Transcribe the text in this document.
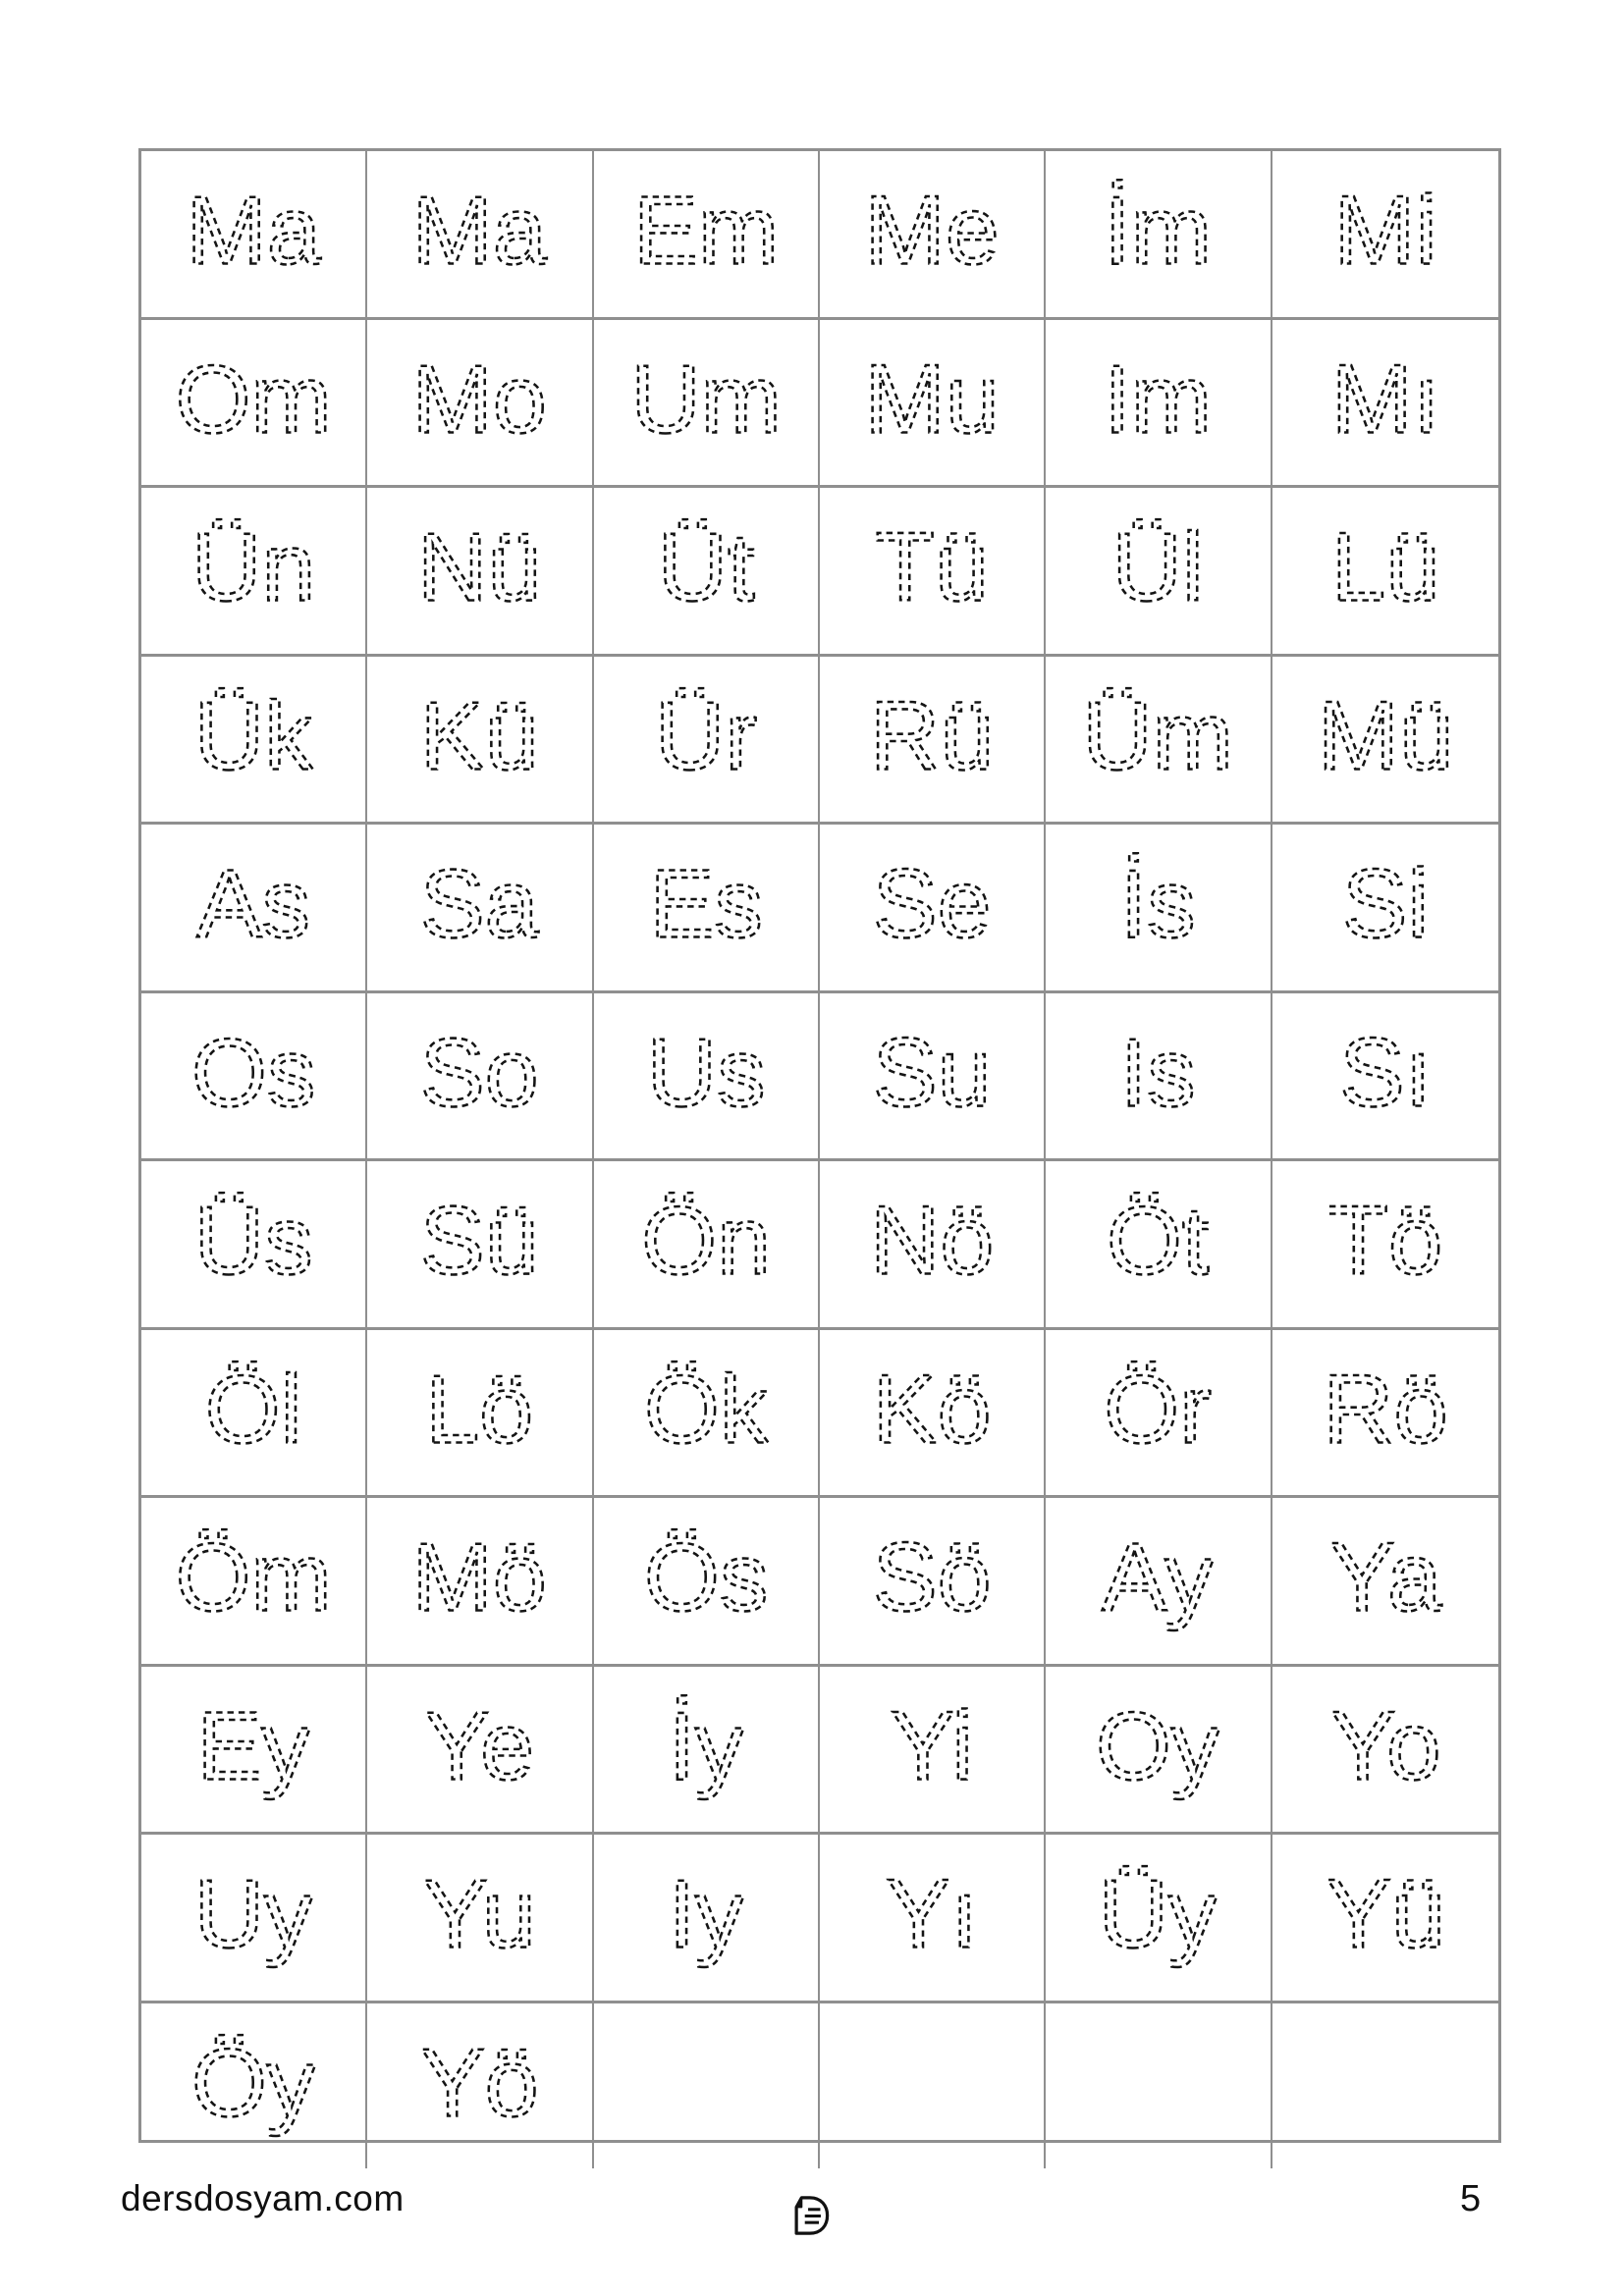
Ma Ma Em Me İm Mi
Om Mo Um Mu Im Mı
Ün Nü Üt Tü Ül Lü
Ük Kü Ür Rü Üm Mü
As Sa Es Se İs Si
Os So Us Su Is Sı
Üs Sü Ön Nö Öt Tö
Öl Lö Ök Kö Ör Rö
Öm Mö Ös Sö Ay Ya
Ey Ye İy Yi Oy Yo
Uy Yu Iy Yı Üy Yü
Öy Yö
dersdosyam.com	5
